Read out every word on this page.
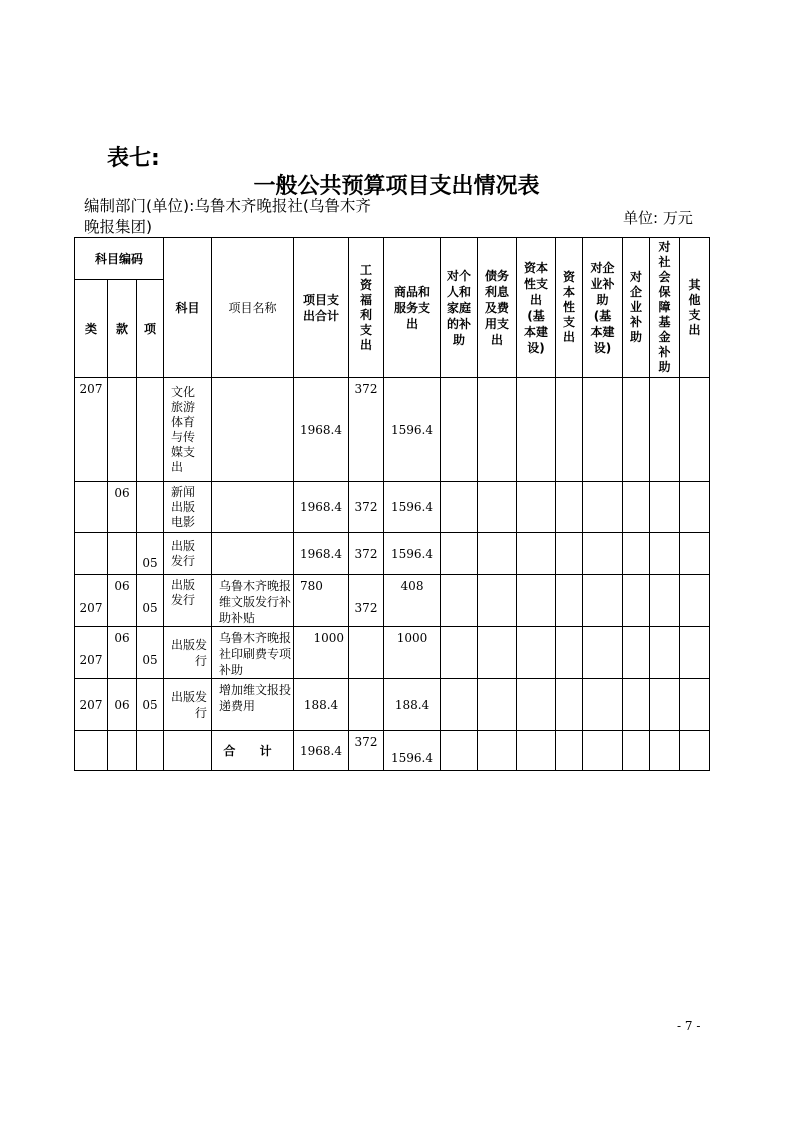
表七:
一般公共预算项目支出情况表
编制部门(单位):乌鲁木齐晚报社(乌鲁木齐晚报集团)	单位: 万元
科目编码			科目	项目名称	项目支出合计	工资福利支出	商品和服务支出	对个人和家庭的补助	债务利息及费用支出	资本性支出(基本建设)	资本性支出	对企业补助(基本建设)	对企业补助	对社会保障基金补助	其他支出
类	款	项													
207			文化旅游体育与传媒支出		1968.4	372	1596.4								
	06		新闻出版电影		1968.4	372	1596.4								
		05	出版发行		1968.4	372	1596.4								
207	06	05	出版发行	乌鲁木齐晚报维文版发行补助补贴	780	372	408								
207	06	05	出版发行	乌鲁木齐晚报社印刷费专项补助	1000		1000								
207	06	05	出版发行	增加维文报投递费用	188.4		188.4								
				合 计	1968.4	372	1596.4								
- 7 -
